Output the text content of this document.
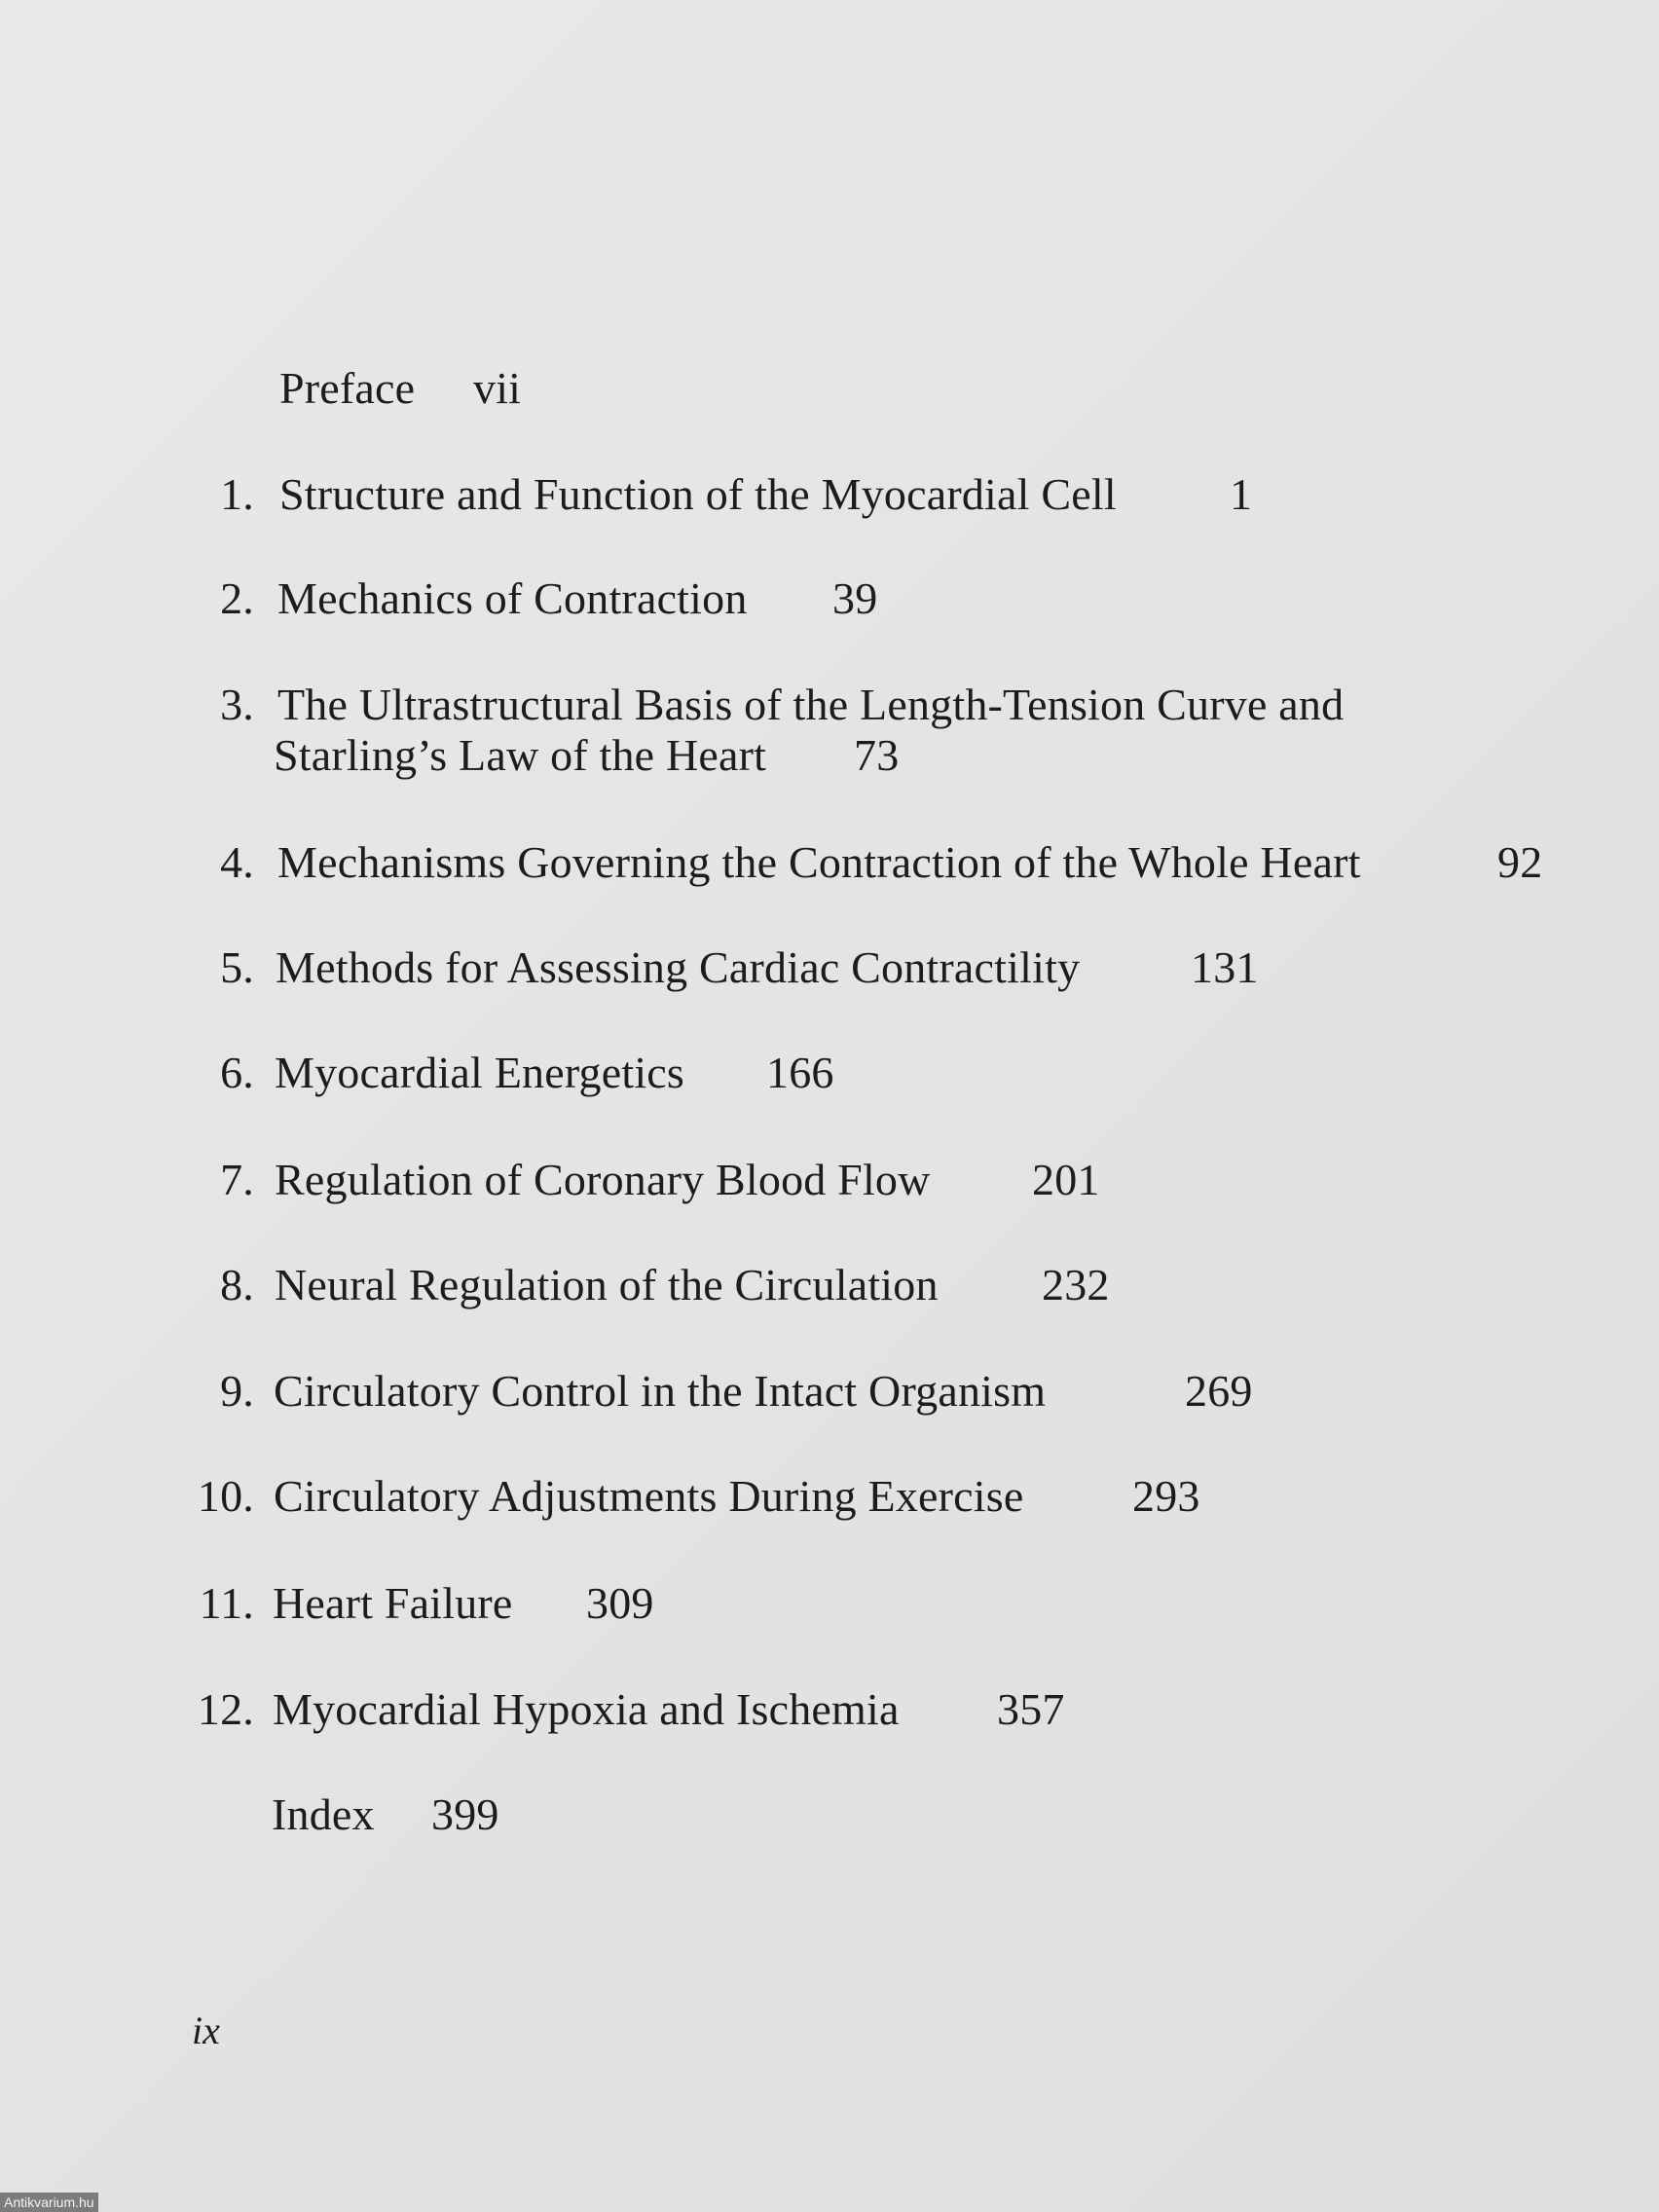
Preface vii
1. Structure and Function of the Myocardial Cell	1
2. Mechanics of Contraction 39
3. The Ultrastructural Basis of the Length-Tension Curve and
Starling’s Law of the Heart 73
4. Mechanisms Governing the Contraction of the Whole Heart	92
5. Methods for Assessing Cardiac Contractility 131
6. Myocardial Energetics 166
7. Regulation of Coronary Blood Flow 201
8. Neural Regulation of the Circulation 232
9. Circulatory Control in the Intact Organism	269
10. Circulatory Adjustments During Exercise 293
11. Heart Failure 309
12. Myocardial Hypoxia and Ischemia 357
Index 399
ix
Antikvarium.hu
